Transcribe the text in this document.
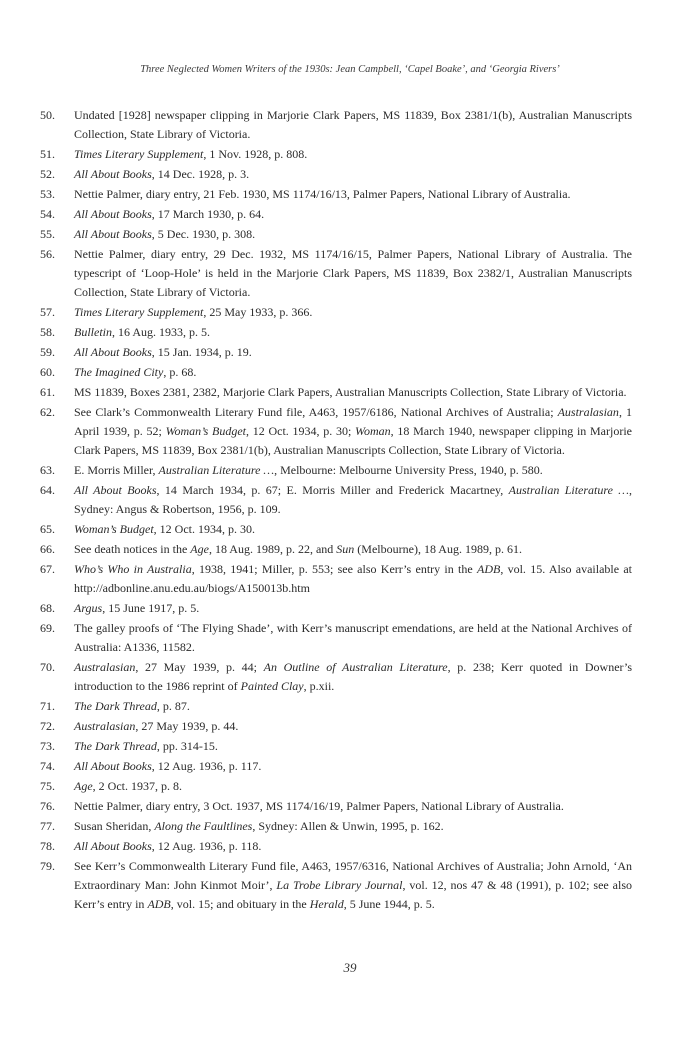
Three Neglected Women Writers of the 1930s: Jean Campbell, ‘Capel Boake’, and ‘Georgia Rivers’
50.	Undated [1928] newspaper clipping in Marjorie Clark Papers, MS 11839, Box 2381/1(b), Australian Manuscripts Collection, State Library of Victoria.
51.	Times Literary Supplement, 1 Nov. 1928, p. 808.
52.	All About Books, 14 Dec. 1928, p. 3.
53.	Nettie Palmer, diary entry, 21 Feb. 1930, MS 1174/16/13, Palmer Papers, National Library of Australia.
54.	All About Books, 17 March 1930, p. 64.
55.	All About Books, 5 Dec. 1930, p. 308.
56.	Nettie Palmer, diary entry, 29 Dec. 1932, MS 1174/16/15, Palmer Papers, National Library of Australia. The typescript of ‘Loop-Hole’ is held in the Marjorie Clark Papers, MS 11839, Box 2382/1, Australian Manuscripts Collection, State Library of Victoria.
57.	Times Literary Supplement, 25 May 1933, p. 366.
58.	Bulletin, 16 Aug. 1933, p. 5.
59.	All About Books, 15 Jan. 1934, p. 19.
60.	The Imagined City, p. 68.
61.	MS 11839, Boxes 2381, 2382, Marjorie Clark Papers, Australian Manuscripts Collection, State Library of Victoria.
62.	See Clark’s Commonwealth Literary Fund file, A463, 1957/6186, National Archives of Australia; Australasian, 1 April 1939, p. 52; Woman’s Budget, 12 Oct. 1934, p. 30; Woman, 18 March 1940, newspaper clipping in Marjorie Clark Papers, MS 11839, Box 2381/1(b), Australian Manuscripts Collection, State Library of Victoria.
63.	E. Morris Miller, Australian Literature …, Melbourne: Melbourne University Press, 1940, p. 580.
64.	All About Books, 14 March 1934, p. 67; E. Morris Miller and Frederick Macartney, Australian Literature …, Sydney: Angus & Robertson, 1956, p. 109.
65.	Woman’s Budget, 12 Oct. 1934, p. 30.
66.	See death notices in the Age, 18 Aug. 1989, p. 22, and Sun (Melbourne), 18 Aug. 1989, p. 61.
67.	Who’s Who in Australia, 1938, 1941; Miller, p. 553; see also Kerr’s entry in the ADB, vol. 15. Also available at http://adbonline.anu.edu.au/biogs/A150013b.htm
68.	Argus, 15 June 1917, p. 5.
69.	The galley proofs of ‘The Flying Shade’, with Kerr’s manuscript emendations, are held at the National Archives of Australia: A1336, 11582.
70.	Australasian, 27 May 1939, p. 44; An Outline of Australian Literature, p. 238; Kerr quoted in Downer’s introduction to the 1986 reprint of Painted Clay, p.xii.
71.	The Dark Thread, p. 87.
72.	Australasian, 27 May 1939, p. 44.
73.	The Dark Thread, pp. 314-15.
74.	All About Books, 12 Aug. 1936, p. 117.
75.	Age, 2 Oct. 1937, p. 8.
76.	Nettie Palmer, diary entry, 3 Oct. 1937, MS 1174/16/19, Palmer Papers, National Library of Australia.
77.	Susan Sheridan, Along the Faultlines, Sydney: Allen & Unwin, 1995, p. 162.
78.	All About Books, 12 Aug. 1936, p. 118.
79.	See Kerr’s Commonwealth Literary Fund file, A463, 1957/6316, National Archives of Australia; John Arnold, ‘An Extraordinary Man: John Kinmot Moir’, La Trobe Library Journal, vol. 12, nos 47 & 48 (1991), p. 102; see also Kerr’s entry in ADB, vol. 15; and obituary in the Herald, 5 June 1944, p. 5.
39
